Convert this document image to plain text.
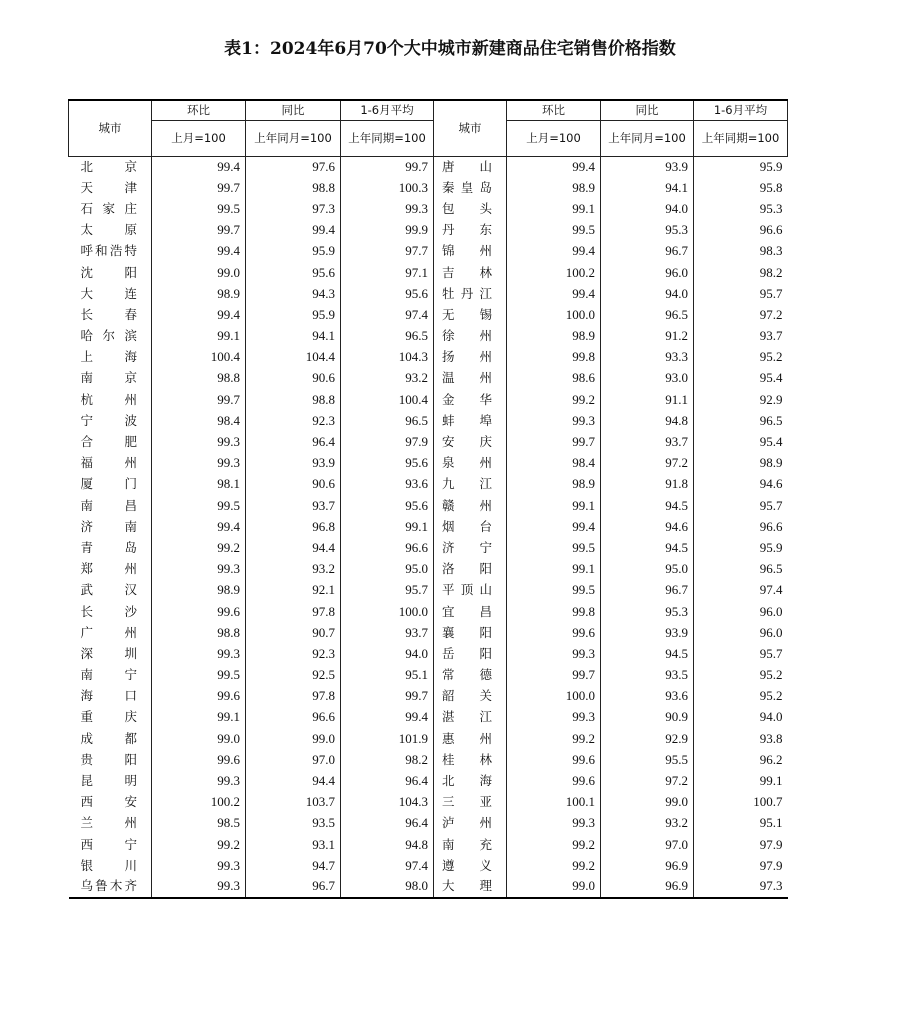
表1：2024年6月70个大中城市新建商品住宅销售价格指数
城市	环比	同比	1-6月平均	城市	环比	同比	1-6月平均
	上月=100	上年同月=100	上年同期=100		上月=100	上年同月=100	上年同期=100
北京	99.4	97.6	99.7	唐山	99.4	93.9	95.9
天津	99.7	98.8	100.3	秦皇岛	98.9	94.1	95.8
石家庄	99.5	97.3	99.3	包头	99.1	94.0	95.3
太原	99.7	99.4	99.9	丹东	99.5	95.3	96.6
呼和浩特	99.4	95.9	97.7	锦州	99.4	96.7	98.3
沈阳	99.0	95.6	97.1	吉林	100.2	96.0	98.2
大连	98.9	94.3	95.6	牡丹江	99.4	94.0	95.7
长春	99.4	95.9	97.4	无锡	100.0	96.5	97.2
哈尔滨	99.1	94.1	96.5	徐州	98.9	91.2	93.7
上海	100.4	104.4	104.3	扬州	99.8	93.3	95.2
南京	98.8	90.6	93.2	温州	98.6	93.0	95.4
杭州	99.7	98.8	100.4	金华	99.2	91.1	92.9
宁波	98.4	92.3	96.5	蚌埠	99.3	94.8	96.5
合肥	99.3	96.4	97.9	安庆	99.7	93.7	95.4
福州	99.3	93.9	95.6	泉州	98.4	97.2	98.9
厦门	98.1	90.6	93.6	九江	98.9	91.8	94.6
南昌	99.5	93.7	95.6	赣州	99.1	94.5	95.7
济南	99.4	96.8	99.1	烟台	99.4	94.6	96.6
青岛	99.2	94.4	96.6	济宁	99.5	94.5	95.9
郑州	99.3	93.2	95.0	洛阳	99.1	95.0	96.5
武汉	98.9	92.1	95.7	平顶山	99.5	96.7	97.4
长沙	99.6	97.8	100.0	宜昌	99.8	95.3	96.0
广州	98.8	90.7	93.7	襄阳	99.6	93.9	96.0
深圳	99.3	92.3	94.0	岳阳	99.3	94.5	95.7
南宁	99.5	92.5	95.1	常德	99.7	93.5	95.2
海口	99.6	97.8	99.7	韶关	100.0	93.6	95.2
重庆	99.1	96.6	99.4	湛江	99.3	90.9	94.0
成都	99.0	99.0	101.9	惠州	99.2	92.9	93.8
贵阳	99.6	97.0	98.2	桂林	99.6	95.5	96.2
昆明	99.3	94.4	96.4	北海	99.6	97.2	99.1
西安	100.2	103.7	104.3	三亚	100.1	99.0	100.7
兰州	98.5	93.5	96.4	泸州	99.3	93.2	95.1
西宁	99.2	93.1	94.8	南充	99.2	97.0	97.9
银川	99.3	94.7	97.4	遵义	99.2	96.9	97.9
乌鲁木齐	99.3	96.7	98.0	大理	99.0	96.9	97.3
